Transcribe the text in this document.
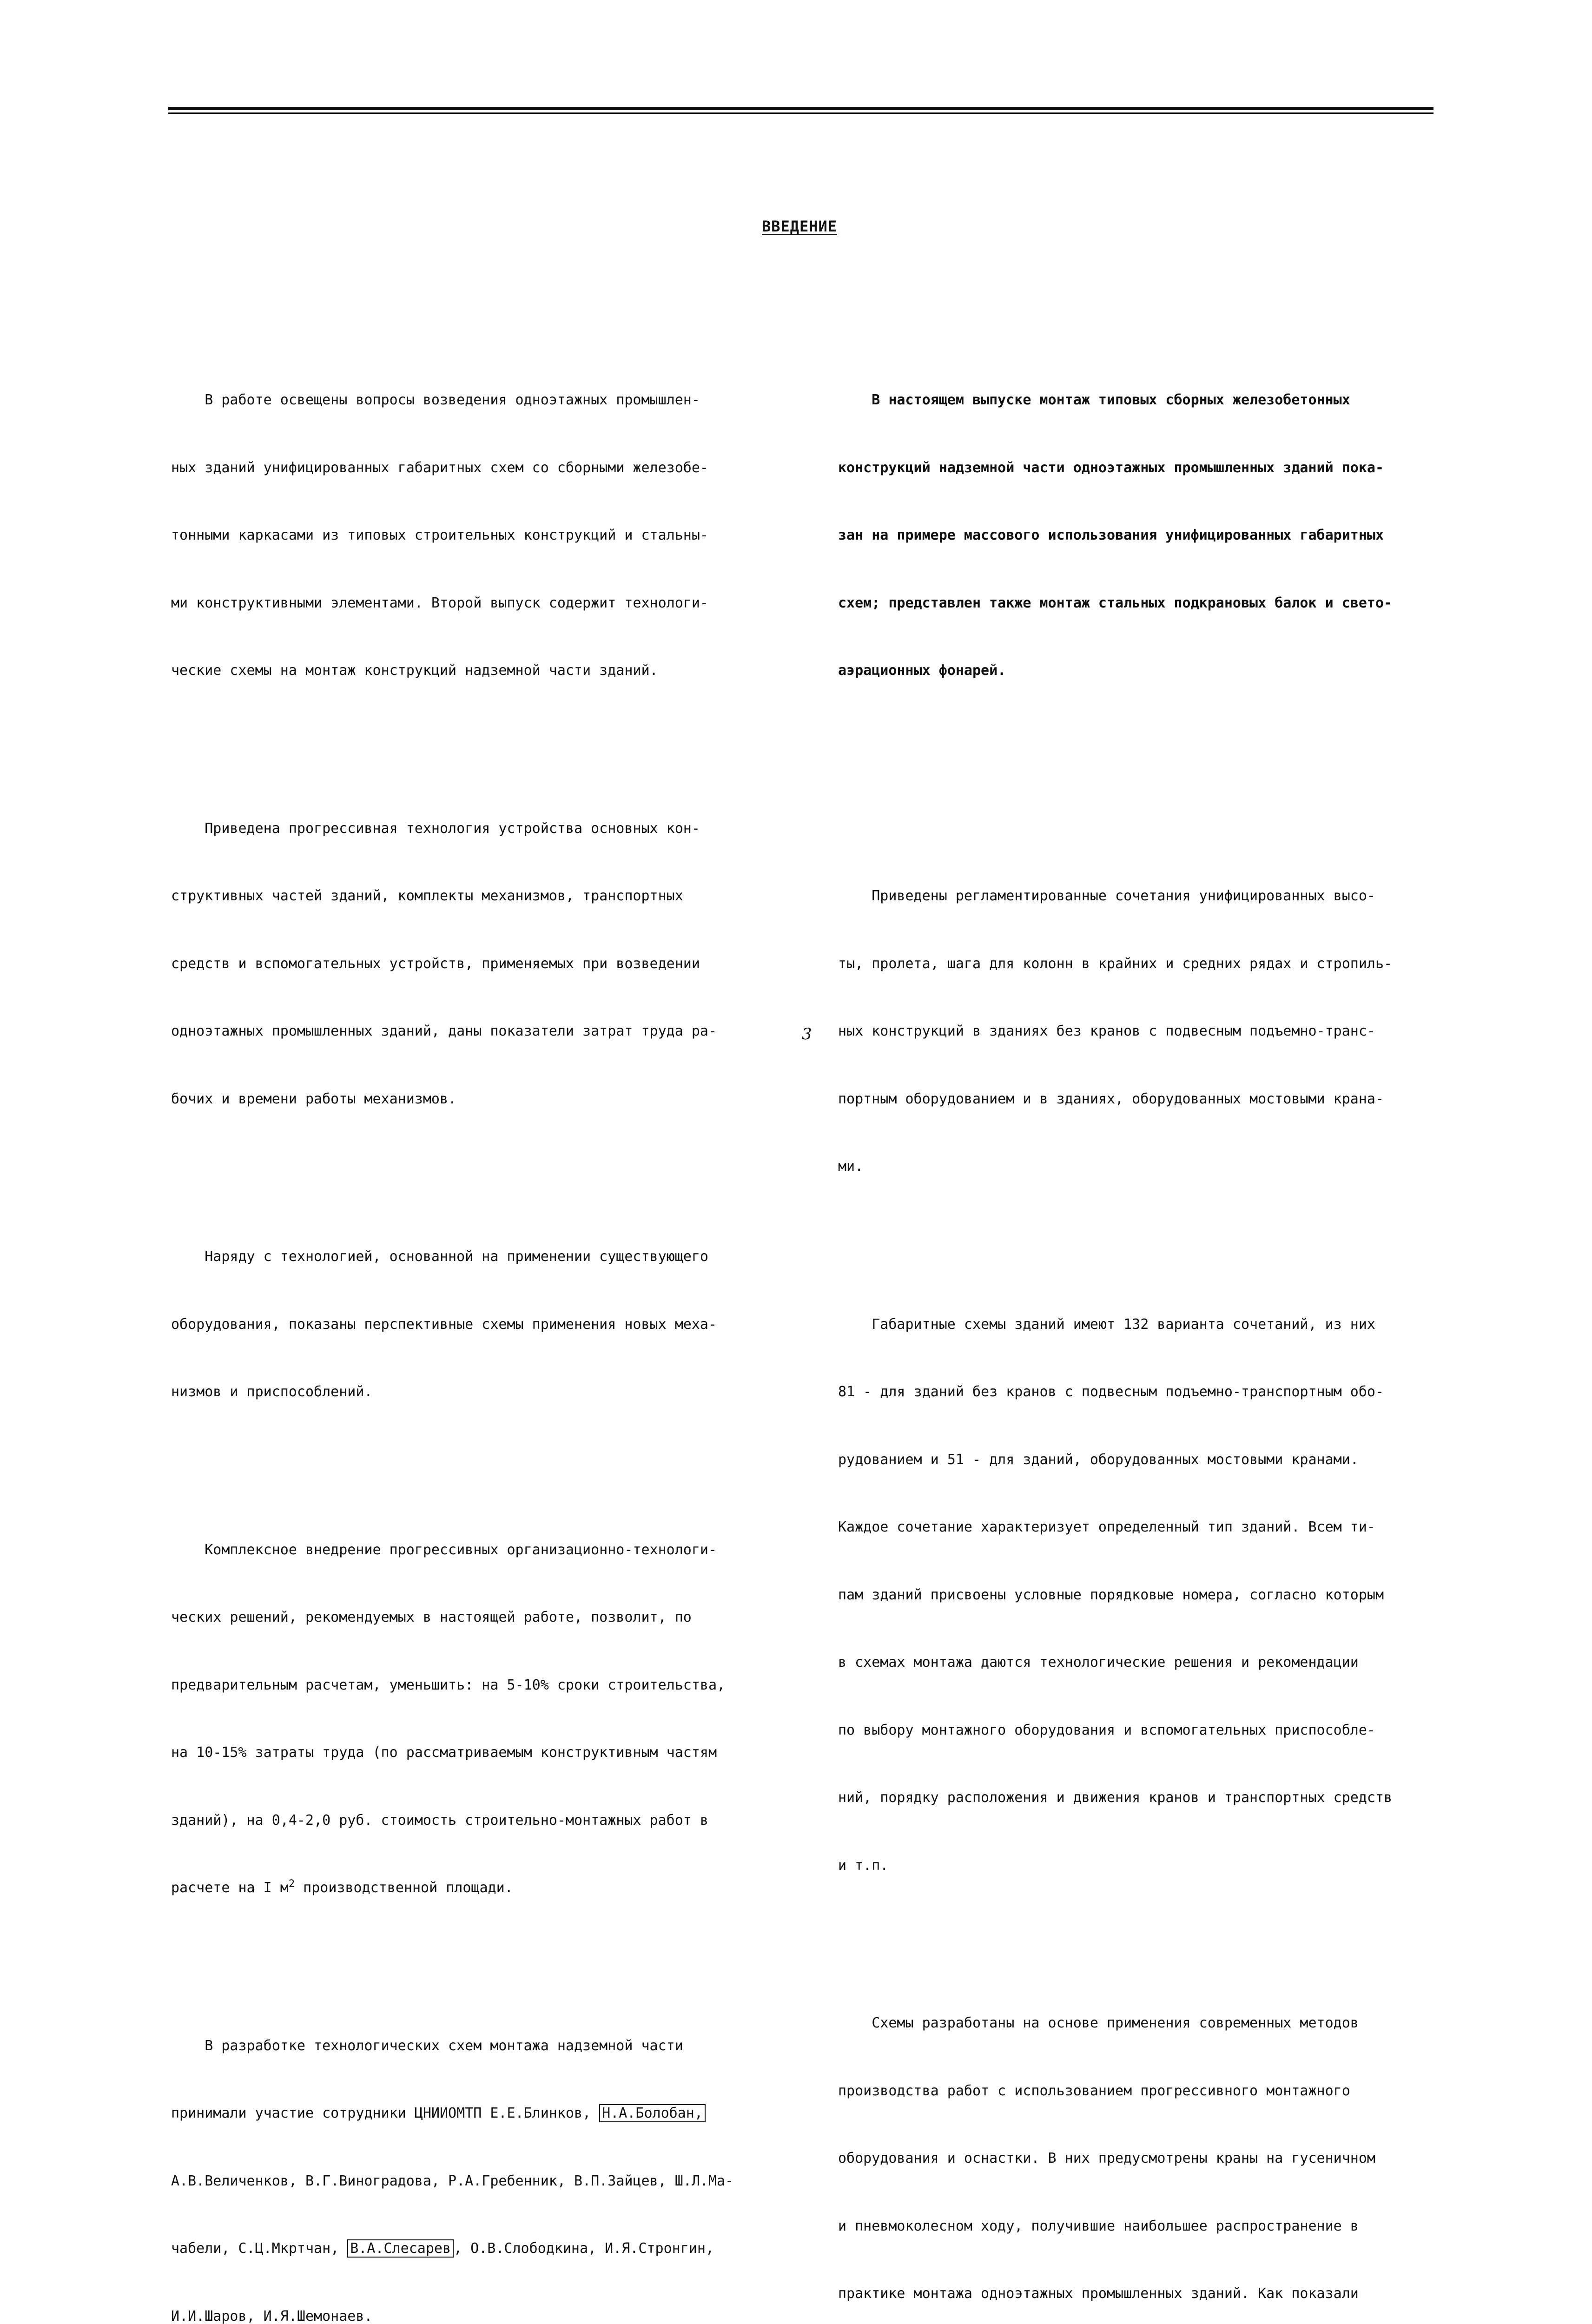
ВВЕДЕНИЕ

В работе освещены вопросы возведения одноэтажных промышлен-

ных зданий унифицированных габаритных схем со сборными железобе-

тонными каркасами из типовых строительных конструкций и стальны-

ми конструктивными элементами. Второй выпуск содержит технологи-

ческие схемы на монтаж конструкций надземной части зданий.

Приведена прогрессивная технология устройства основных кон-

структивных частей зданий, комплекты механизмов, транспортных

средств и вспомогательных устройств, применяемых при возведении

одноэтажных промышленных зданий, даны показатели затрат труда ра-

бочих и времени работы механизмов.

Наряду с технологией, основанной на применении существующего

оборудования, показаны перспективные схемы применения новых меха-

низмов и приспособлений.

Комплексное внедрение прогрессивных организационно-технологи-

ческих решений, рекомендуемых в настоящей работе, позволит, по

предварительным расчетам, уменьшить: на 5-10% сроки строительства,

на 10-15% затраты труда (по рассматриваемым конструктивным частям

зданий), на 0,4-2,0 руб. стоимость строительно-монтажных работ в

расчете на I $м^2$ производственной площади.

В разработке технологических схем монтажа надземной части

принимали участие сотрудники ЦНИИОМТП Е.Е.Блинков, Н.А.Болобан,

А.В.Величенков, В.Г.Виноградова, Р.А.Гребенник, В.П.Зайцев, Ш.Л.Ма-

чабели, С.Ц.Мкртчан, В.А.Слесарев , О.В.Слободкина, И.Я.Стронгин,

И.И.Шаров, И.Я.Шемонаев.

В настоящем выпуске монтаж типовых сборных железобетонных

конструкций надземной части одноэтажных промышленных зданий пока-

зан на примере массового использования унифицированных габаритных

схем; представлен также монтаж стальных подкрановых балок и свето-

аэрационных фонарей.

Приведены регламентированные сочетания унифицированных высо-

ты, пролета, шага для колонн в крайних и средних рядах и стропиль-

ных конструкций в зданиях без кранов с подвесным подъемно-транс-

портным оборудованием и в зданиях, оборудованных мостовыми крана-

ми.

Габаритные схемы зданий имеют 132 варианта сочетаний, из них

81 - для зданий без кранов с подвесным подъемно-транспортным обо-

рудованием и 51 - для зданий, оборудованных мостовыми кранами.

Каждое сочетание характеризует определенный тип зданий. Всем ти-

пам зданий присвоены условные порядковые номера, согласно которым

в схемах монтажа даются технологические решения и рекомендации

по выбору монтажного оборудования и вспомогательных приспособле-

ний, порядку расположения и движения кранов и транспортных средств

и т.п.

Схемы разработаны на основе применения современных методов

производства работ с использованием прогрессивного монтажного

оборудования и оснастки. В них предусмотрены краны на гусеничном

и пневмоколесном ходу, получившие наибольшее распространение в

практике монтажа одноэтажных промышленных зданий. Как показали

3
